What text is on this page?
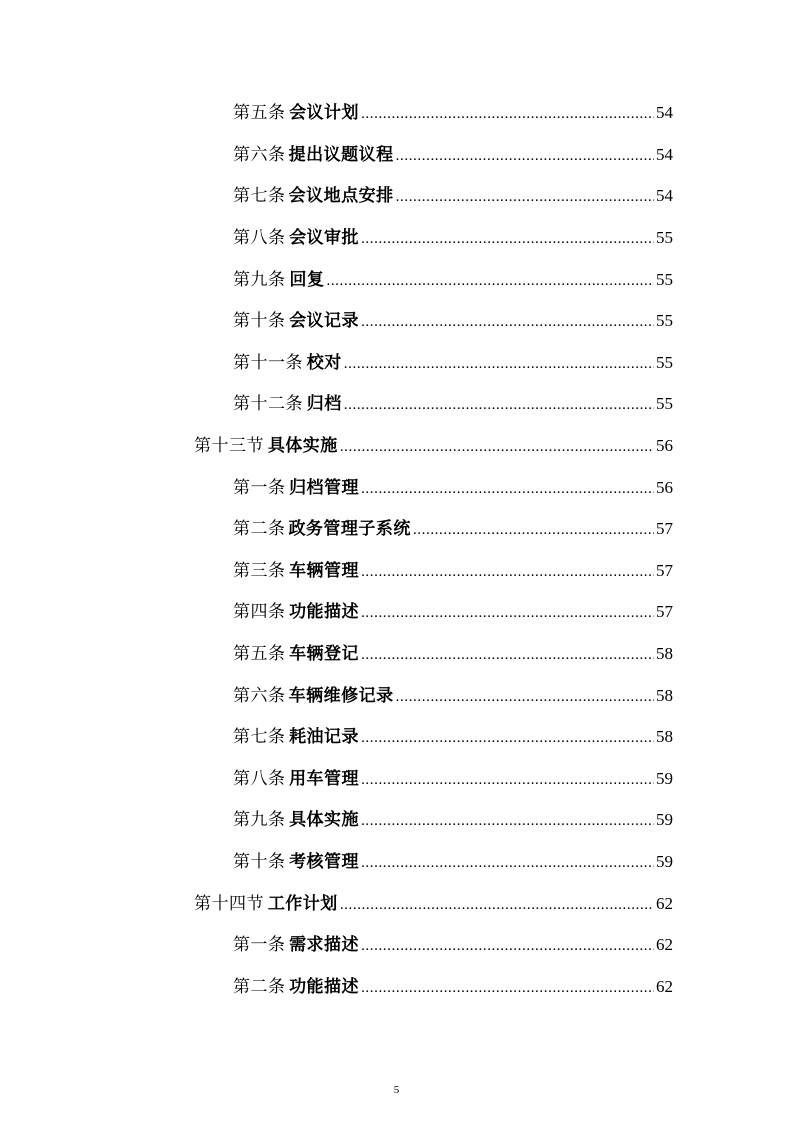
第五条 会议计划 .....	54
第六条 提出议题议程 .....	54
第七条 会议地点安排 .....	54
第八条 会议审批 .....	55
第九条 回复 .....	55
第十条 会议记录 .....	55
第十一条 校对 .....	55
第十二条 归档 .....	55
第十三节 具体实施 .....	56
第一条 归档管理 .....	56
第二条 政务管理子系统 .....	57
第三条 车辆管理 .....	57
第四条 功能描述 .....	57
第五条 车辆登记 .....	58
第六条 车辆维修记录 .....	58
第七条 耗油记录 .....	58
第八条 用车管理 .....	59
第九条 具体实施 .....	59
第十条 考核管理 .....	59
第十四节 工作计划 .....	62
第一条 需求描述 .....	62
第二条 功能描述 .....	62
5
